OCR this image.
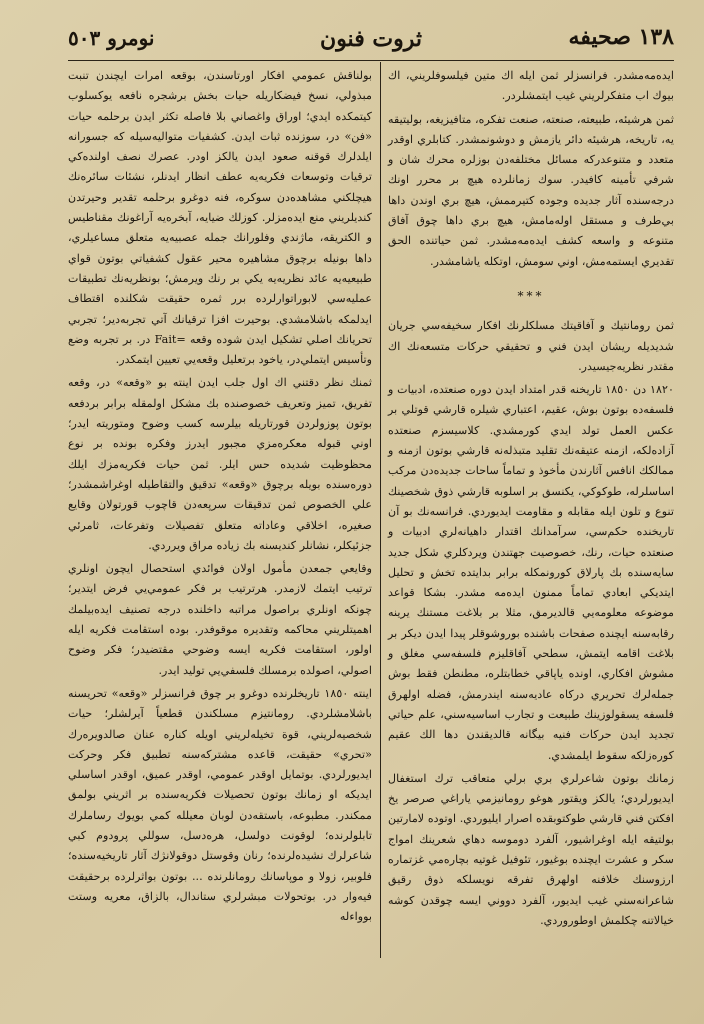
١٣٨ صحيفه
ثروت فنون
نومرو ٥٠٣

ايده‌مه‌مشدر. فرانسزلر ثمن ايله اك متين فيلسوفلريني، اك بيوك اب متفكرلريني غيب ايتمشلردر.

ثمن هرشيئه، طبيعته، صنعته، صنعت تفكره، متافيزيغه، بوليتيقه يه، تاريخه، هرشيئه دائر يازمش و دوشونمشدر. كتابلري اوقدر متعدد و متنوعدركه مسائل مختلفه‌دن بوزلره محرك شان و شرفي تأمينه كافيدر. سوك زمانلرده هيچ بر محرر اونك درجه‌سنده آثار جديده وجوده كتيرممش، هيچ بري اوندن داها بي‌طرف و مستقل اوله‌مامش، هيچ بري داها چوق آفاق متنوعه و واسعه كشف ايده‌مه‌مشدر. ثمن حياتنده الحق تقديري ايستمه‌مش، اوني سومش، اوتكله ياشامشدر.

***

ثمن رومانتيك و آفاقيتك مسلكلرنك افكار سخيفه‌سي جريان شديديله ريشان ايدن فني و تحقيقي حركات متسعه‌نك اك مقتدر نظريه‌جيسيدر.

١٨٢٠ دن ١٨٥٠ تاريخنه قدر امتداد ايدن دوره صنعتده، ادبيات و فلسفه‌ده بوتون بوش، عقيم، اعتباري شيلره قارشي قوتلي بر عكس العمل تولد ايدي كورمشدي. كلاسيسزم صنعتده آزاده‌لكه، ازمنه عتيقه‌نك تقليد متبذله‌نه قارشي بوتون ازمنه و ممالكك انافس آثارندن مأخوذ و تماماً ساحات جديده‌دن مركب اساسلرله، طوكوكي، يكنسق بر اسلوبه قارشي ذوق شخصينك تنوع و تلون ايله مقابله و مقاومت ايديوردي. فرانسه‌نك بو آن تاريخنده حكم‌سي، سرآمدانك اقتدار داهيانه‌لري ادبيات و صنعتده حيات، رنك، خصوصيت جهتندن ويردكلري شكل جديد سايه‌سنده بك پارلاق كورونمكله برابر بدايتده تخش و تحليل ايتديكي ابعادي تماماً ممنون ايده‌مه مشدر. بشكا قواعد موضوعه معلومه‌يي قالديرمق، مثلا بر بلاغت مستنك يرينه رقابه‌سنه ايچنده صفحات باشنده بوروشوقلر پيدا ايدن ديكر بر بلاغت اقامه ايتمش، سطحي آفاقليزم فلسفه‌سي مغلق و مشوش افكاري، اونده ياپاقي خطابتلره، مطنطن فقط بوش جمله‌لرك تحريري دركاه عاديه‌سنه ايندرمش، فضله اولهرق فلسفه يسقولوزينك طبيعت و تجارب اساسيه‌سني، علم حياتي تجديد ايدن حركات فنيه بيگانه قالديقندن دها الك عقيم كوره‌زلكه سقوط ايلمشدي.

زمانك بوتون شاعرلري بري برلي متعاقب ترك استغفال ايديورلردي؛ يالكز ويقتور هوغو رومانيزمي ياراغي صرصر يخ افكتن فني قارشي طوكتوبقده اصرار ايليوردي. اوتوده لامارتين بولتيقه ايله اوغراشيور، آلفرد دوموسه دهاي شعرينك امواج سكر و عشرت ايچنده بوغيور، تئوفيل غوتيه بچاره‌مي غزتماره ارزوسنك خلافنه اولهرق تفرقه نويسلكه ذوق رقيق شاعرانه‌سني غيب ايديور، آلفرد دووني ايسه چوقدن كوشه خيالاتنه چكلمش اوطوروردي.

بولناقش عمومي افكار اورتاسندن، بوقعه امرات ايچندن تنبت مبذولي، نسخ فيضكاريله حيات بخش برشجره نافعه يوكسلوب كيتمكده ايدي؛ اوراق واغصاني بلا فاصله تكثر ايدن برحلمه حيات «فن» در، سوزنده ثبات ايدن. كشفيات متواليه‌سيله كه جسورانه ايلدلرك قوقنه صعود ايدن يالكز اودر. عصرك نصف اولنده‌كي ترقيات وتوسعات فكريه‌يه عطف انظار ايدنلر، نشئات سائره‌نك هيچلكني مشاهده‌دن سوكره، فنه دوغرو برحلمه تقدير وحيرتدن كنديلريني منع ايده‌مزلر. كوزلك ضيايه، آبخره‌يه آراغونك مقناطيس و الكتريقه، ماژندي وفلورانك جمله عصبيه‌يه متعلق مساعيلري، داها بونيله برچوق مشاهيره محير عقول كشفياتي بوتون قواي طبيعيه‌يه عائد نظريه‌يه يكي بر رنك ويرمش؛ بونظريه‌نك تطبيقات عمليه‌سي لابوراتوارلرده برر ثمره حقيقت شكلنده اقتطاف ايدلمكه باشلامشدي. بوحيرت افزا ترقيانك آتي تجربه‌دير؛ تجربي تحريانك اصلي تشكيل ايدن شوده وقعه =Fait در. بر تجربه وضع وتأسيس ايتملي‌در، ياخود برتعليل وقعه‌يي تعيين ايتمكدر.

ثمنك نظر دقتني اك اول جلب ايدن اينته بو «وقعه» در، وقعه تفريق، تميز وتعريف خصوصنده بك مشكل اولمقله برابر بردفعه بوتون پوزولردن قورتاريله بيلرسه كسب وضوح ومتوريته ايدر؛ اوني قبوله معكره‌مزي مجبور ايدرز وفكره بونده بر نوع محظوظيت شديده حس ايلر. ثمن حيات فكريه‌مزك ايلك دوره‌سنده بويله برچوق «وقعه» تدقيق والتقاطيله اوغراشمشدر؛ علي الخصوص ثمن تدقيقات سرپعه‌دن قاچوب قورتولان وقايع صغيره، اخلاقي وعاداته متعلق تفصيلات وتفرعات، ثامرئي جزئيكلر، نشانلر كنديسنه بك زياده مراق ويرردي.

وقايعي جمعدن مأمول اولان فوائدي استحصال ايچون اونلري ترتيب ايتمك لازمدر. هرترتيب بر فكر عمومي‌يي فرض ايتدير؛ چونكه اونلري براصول مراتبه داخلنده درجه تصنيف ايده‌بيلمك اهميتلريني محاكمه وتقديره موقوفدر. بوده استقامت فكريه ايله اولور، استقامت فكريه ايسه وضوحي مقتضيدر؛ فكر وضوح اصولي، اصولده برمسلك فلسفي‌يي توليد ايدر.

اينته ١٨٥٠ تاريخلرنده دوغرو بر چوق فرانسزلر «وقعه» تحريسنه باشلامشلردي. رومانتيزم مسلكندن قطعياً آيرلشلر؛ حيات شخصيه‌لريني، قوة تخيله‌لريني اويله كناره عنان صالدويره‌رك «تحري» حقيقت، قاعده مشتركه‌سنه تطبيق فكر وحركت ايديورلردي. بوتمايل اوقدر عمومي، اوقدر عميق، اوقدر اساسلي ايديكه او زمانك بوتون تحصيلات فكريه‌سنده بر اثريني بولمق ممكندر. مطبوعه، باستقه‌دن لوبان معيلله كمي بويوك رساملرك تابلولرنده؛ لوقونت دولسل، هره‌دسل، سوللي پرودوم كبي شاعرلرك نشيده‌لرنده؛ رنان وقوستل دوقولانژك آثار تاريخيه‌سنده؛ فلوبير، زولا و موپاسانك رومانلرنده ... بوتون بواثرلرده برحقيقت فيه‌وار در. بوتحولات مبشرلري ستاندال، بالزاق، معريه وستت بوواءله
